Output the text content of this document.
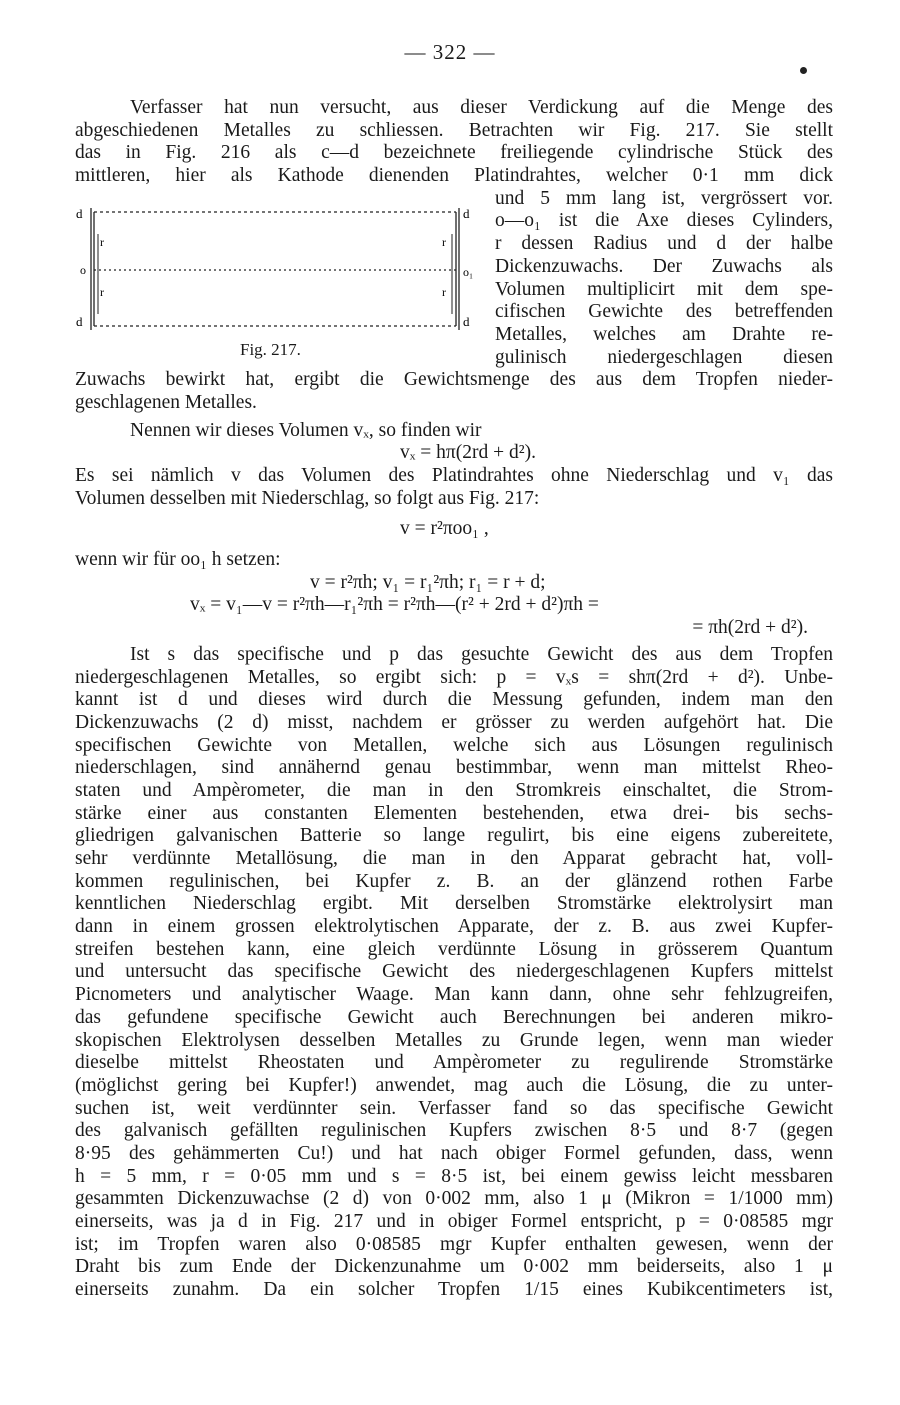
— 322 —
d	d
r	r
o	o₁
r	r
d	d
Fig. 217.
Verfasser hat nun versucht, aus dieser Verdickung auf die Menge des
abgeschiedenen Metalles zu schliessen. Betrachten wir Fig. 217. Sie stellt
das in Fig. 216 als c—d bezeichnete freiliegende cylindrische Stück des
mittleren, hier als Kathode dienenden Platindrahtes, welcher 0·1 mm dick
und 5 mm lang ist, vergrössert vor.
o—o₁ ist die Axe dieses Cylinders,
r dessen Radius und d der halbe
Dickenzuwachs. Der Zuwachs als
Volumen multiplicirt mit dem spe-
cifischen Gewichte des betreffenden
Metalles, welches am Drahte re-
gulinisch niedergeschlagen diesen
Zuwachs bewirkt hat, ergibt die Gewichtsmenge des aus dem Tropfen nieder-
geschlagenen Metalles.
Nennen wir dieses Volumen vₓ, so finden wir
vₓ = hπ(2rd + d²).
Es sei nämlich v das Volumen des Platindrahtes ohne Niederschlag und v₁ das
Volumen desselben mit Niederschlag, so folgt aus Fig. 217:
v = r²πoo₁ ,
wenn wir für oo₁ h setzen:
v = r²πh; v₁ = r₁²πh; r₁ = r + d;
vₓ = v₁—v = r²πh—r₁²πh = r²πh—(r² + 2rd + d²)πh =
= πh(2rd + d²).
Ist s das specifische und p das gesuchte Gewicht des aus dem Tropfen
niedergeschlagenen Metalles, so ergibt sich: p = vₓs = shπ(2rd + d²). Unbe-
kannt ist d und dieses wird durch die Messung gefunden, indem man den
Dickenzuwachs (2 d) misst, nachdem er grösser zu werden aufgehört hat. Die
specifischen Gewichte von Metallen, welche sich aus Lösungen regulinisch
niederschlagen, sind annähernd genau bestimmbar, wenn man mittelst Rheo-
staten und Ampèrometer, die man in den Stromkreis einschaltet, die Strom-
stärke einer aus constanten Elementen bestehenden, etwa drei- bis sechs-
gliedrigen galvanischen Batterie so lange regulirt, bis eine eigens zubereitete,
sehr verdünnte Metallösung, die man in den Apparat gebracht hat, voll-
kommen regulinischen, bei Kupfer z. B. an der glänzend rothen Farbe
kenntlichen Niederschlag ergibt. Mit derselben Stromstärke elektrolysirt man
dann in einem grossen elektrolytischen Apparate, der z. B. aus zwei Kupfer-
streifen bestehen kann, eine gleich verdünnte Lösung in grösserem Quantum
und untersucht das specifische Gewicht des niedergeschlagenen Kupfers mittelst
Picnometers und analytischer Waage. Man kann dann, ohne sehr fehlzugreifen,
das gefundene specifische Gewicht auch Berechnungen bei anderen mikro-
skopischen Elektrolysen desselben Metalles zu Grunde legen, wenn man wieder
dieselbe mittelst Rheostaten und Ampèrometer zu regulirende Stromstärke
(möglichst gering bei Kupfer!) anwendet, mag auch die Lösung, die zu unter-
suchen ist, weit verdünnter sein. Verfasser fand so das specifische Gewicht
des galvanisch gefällten regulinischen Kupfers zwischen 8·5 und 8·7 (gegen
8·95 des gehämmerten Cu!) und hat nach obiger Formel gefunden, dass, wenn
h = 5 mm, r = 0·05 mm und s = 8·5 ist, bei einem gewiss leicht messbaren
gesammten Dickenzuwachse (2 d) von 0·002 mm, also 1 μ (Mikron = 1/1000 mm)
einerseits, was ja d in Fig. 217 und in obiger Formel entspricht, p = 0·08585 mgr
ist; im Tropfen waren also 0·08585 mgr Kupfer enthalten gewesen, wenn der
Draht bis zum Ende der Dickenzunahme um 0·002 mm beiderseits, also 1 μ
einerseits zunahm. Da ein solcher Tropfen 1/15 eines Kubikcentimeters ist,
